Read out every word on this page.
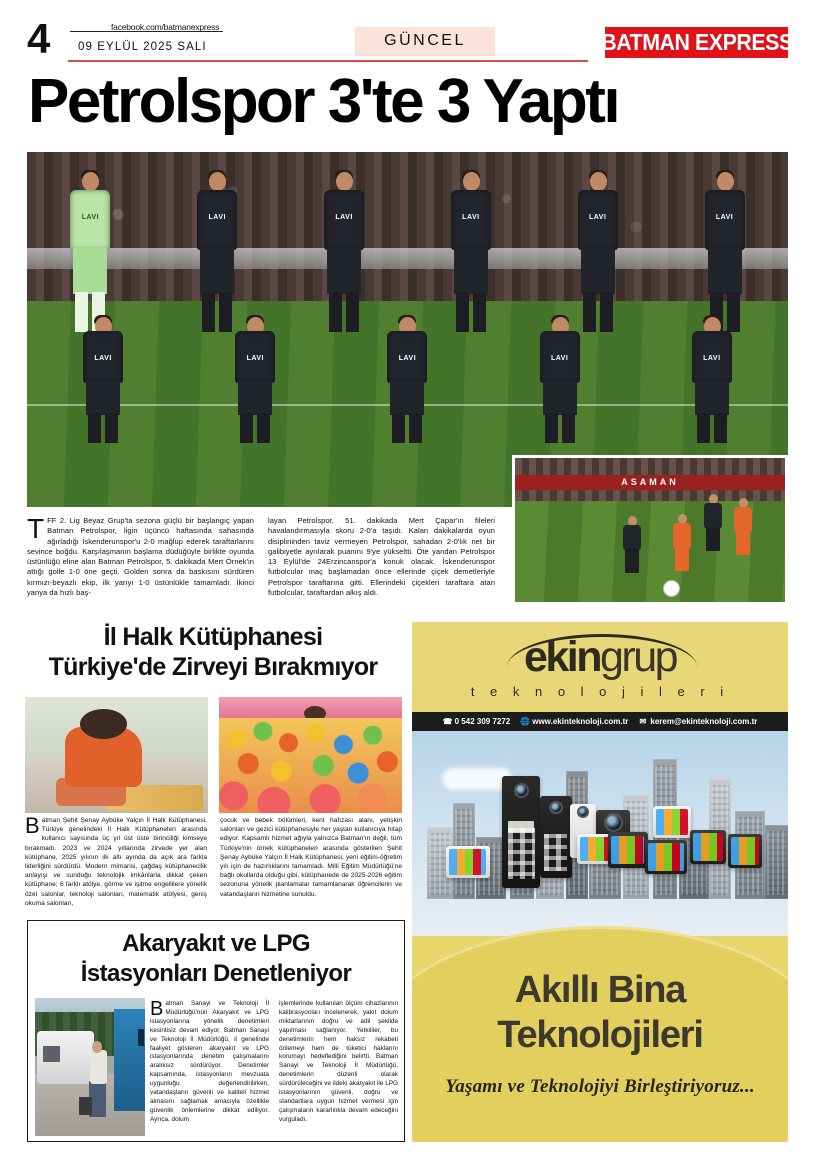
4	facebook.com/batmanexpress
09 EYLÜL 2025 SALI	GÜNCEL	BATMAN EXPRESS
Petrolspor 3'te 3 Yaptı
LAVI
LAVI
LAVI
LAVI
LAVI
LAVI
LAVI
LAVI
LAVI
LAVI
LAVI
ASAMAN

TFF 2. Lig Beyaz Grup'ta sezona güçlü bir başlangıç yapan Batman Petrolspor, ligin üçüncü haftasında sahasında ağırladığı İskenderunspor'u 2-0 mağlup ederek taraftarlarını sevince boğdu. Karşılaşmanın başlama düdüğüyle birlikte oyunda üstünlüğü eline alan Batman Petrolspor, 5. dakikada Mert Örnek'in attığı golle 1-0 öne geçti. Golden sonra da baskısını sürdüren kırmızı-beyazlı ekip, ilk yarıyı 1-0 üstünlükle tamamladı. İkinci yanya da hızlı baş-

layan Petrolspor, 51. dakikada Mert Çapar'ın fileleri havalandırmasıyla skoru 2-0'a taşıdı. Kalan dakikalarda oyun disiplininden taviz vermeyen Petrolspor, sahadan 2-0'lık net bir galibiyetle ayrılarak puanını 9'ye yükseltti. Öte yandan Petrolspor 13 Eylül'de 24Erzincanspor'a konuk olacak. İskenderunspor futbolcular maç başlamadan önce ellerinde çiçek demetleriyle Petrolspor taraftarına gitti. Ellerindeki çiçekleri taraftara atan futbolcular, taraftardan alkış aldı.

İl Halk Kütüphanesi
Türkiye'de Zirveyi Bırakmıyor

Batman Şehit Şenay Aybüke Yalçın İl Halk Kütüphanesi, Türkiye genelindeki İl Halk Kütüphaneleri arasında kullanıcı sayısında üç yıl üst üste birinciliği kimseye bırakmadı. 2023 ve 2024 yıllarında zirvede yer alan kütüphane, 2025 yılının ilk altı ayında da açık ara farkla liderliğini sürdürdü. Modern mimarisi, çağdaş kütüphanecilik anlayışı ve sunduğu teknolojik imkânlarla dikkat çeken kütüphane; 6 farklı atölye, görme ve işitme engellilere yönelik özel salonlar, teknoloji salonları, matematik atölyesi, geniş okuma salonları,

çocuk ve bebek bölümleri, kent hafızası alanı, yetişkin salonları ve gezici kütüphanesiyle her yaştan kullanıcıya hitap ediyor. Kapsamlı hizmet ağıyla yalnızca Batman'ın değil, tüm Türkiye'nin örnek kütüphaneleri arasında gösterilen Şehit Şenay Aybüke Yalçın İl Halk Kütüphanesi, yeni eğitim-öğretim yılı için de hazırlıklarını tamamladı. Milli Eğitim Müdürlüğü'ne bağlı okullarda olduğu gibi, kütüphanede de 2025-2026 eğitim sezonuna yönelik planlamalar tamamlanarak öğrencilerin ve vatandaşların hizmetine sunuldu.

Akaryakıt ve LPG
İstasyonları Denetleniyor

Batman Sanayi ve Teknoloji İl Müdürlüğü'nün Akaryakıt ve LPG istasyonlarına yönelik denetimleri kesintisiz devam ediyor. Batman Sanayi ve Teknoloji İl Müdürlüğü, il genelinde faaliyet gösteren akaryakıt ve LPG istasyonlarında denetim çalışmalarını aralıksız sürdürüyor. Denetimler kapsamında, istasyonların mevzuata uygunluğu değerlendirilirken, vatandaşların güvenli ve kaliteli hizmet almasını sağlamak amacıyla özellikle güvenlik önlemlerine dikkat ediliyor. Ayrıca, dolum

işlemlerinde kullanılan ölçüm cihazlarının kalibrasyonları incelenerek, yakıt dolum miktarlarının doğru ve adil şekilde yapılması sağlanıyor. Yetkililer, bu denetimlerin hem haksız rekabeti önlemeyi hem de tüketici haklarını korumayı hedeflediğini belirtti. Batman Sanayi ve Teknoloji İl Müdürlüğü, denetimlerin düzenli olarak sürdürüleceğini ve ildeki akaryakıt ile LPG istasyonlarının güvenli, doğru ve standartlara uygun hizmet vermesi için çalışmaların kararlılıkla devam edeceğini vurguladı.

ekingrup
t e k n o l o j i l e r i
☎ 0 542 309 7272 🌐 www.ekinteknoloji.com.tr ✉ kerem@ekinteknoloji.com.tr
Akıllı Bina
Teknolojileri
Yaşamı ve Teknolojiyi Birleştiriyoruz...
